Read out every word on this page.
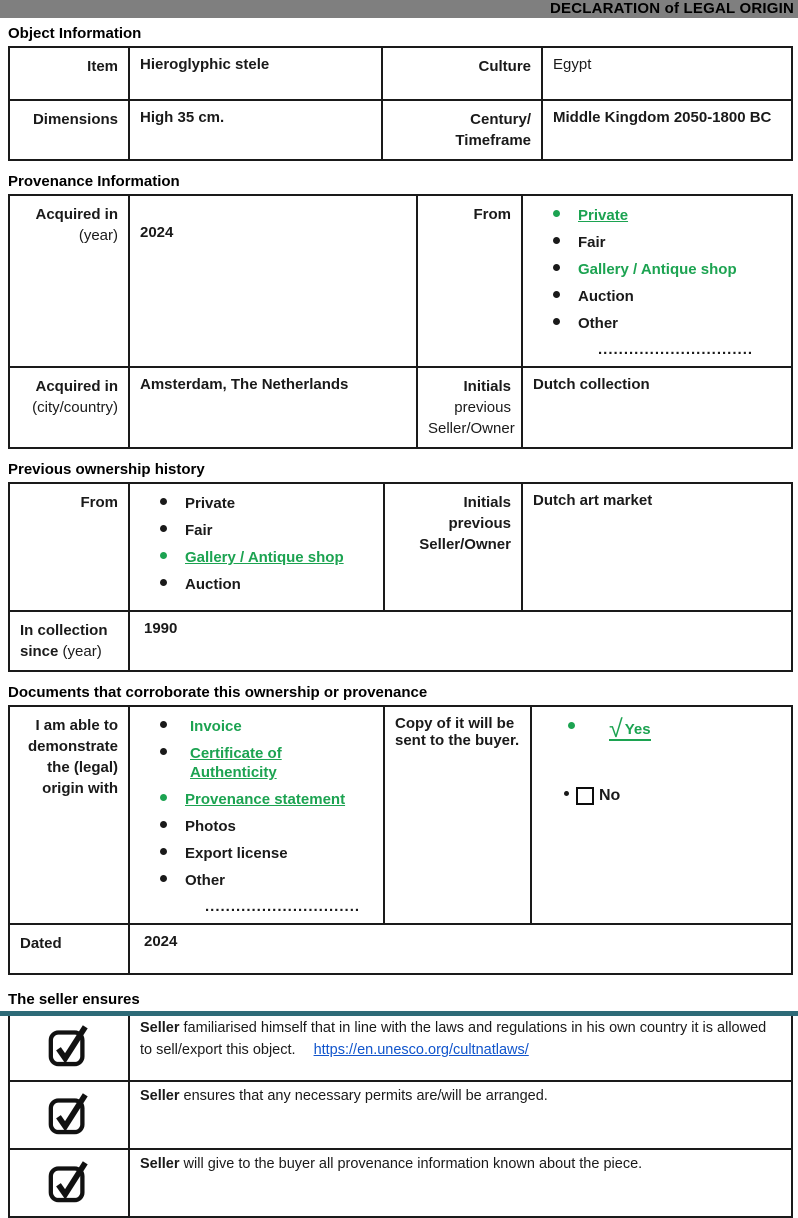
DECLARATION of LEGAL ORIGIN
Object Information
Item	Hieroglyphic stele	Culture	Egypt
Dimensions	High 35 cm.	Century/ Timeframe	Middle Kingdom 2050-1800 BC
Provenance Information
Acquired in
(year)	2024	From	Private
Fair
Gallery / Antique shop
Auction
Other
..............................

Acquired in
(city/country)	Amsterdam, The Netherlands	Initials
previous
Seller/Owner	Dutch collection
Previous ownership history
From	Private
Fair
Gallery / Antique shop
Auction
	Initials
previous
Seller/Owner	Dutch art market
In collection
since (year)	1990		
Documents that corroborate this ownership or provenance
I am able to demonstrate the (legal) origin with	
Invoice
Certificate of Authenticity
Provenance statement
Photos
Export license
Other
..............................
	Copy of it will be sent to the buyer.	√ Yes
No

Dated	2024		
The seller ensures
	Seller familiarised himself that in line with the laws and regulations in his own country it is allowed to sell/export this object. https://en.unesco.org/cultnatlaws/
	Seller ensures that any necessary permits are/will be arranged.
	Seller will give to the buyer all provenance information known about the piece.
